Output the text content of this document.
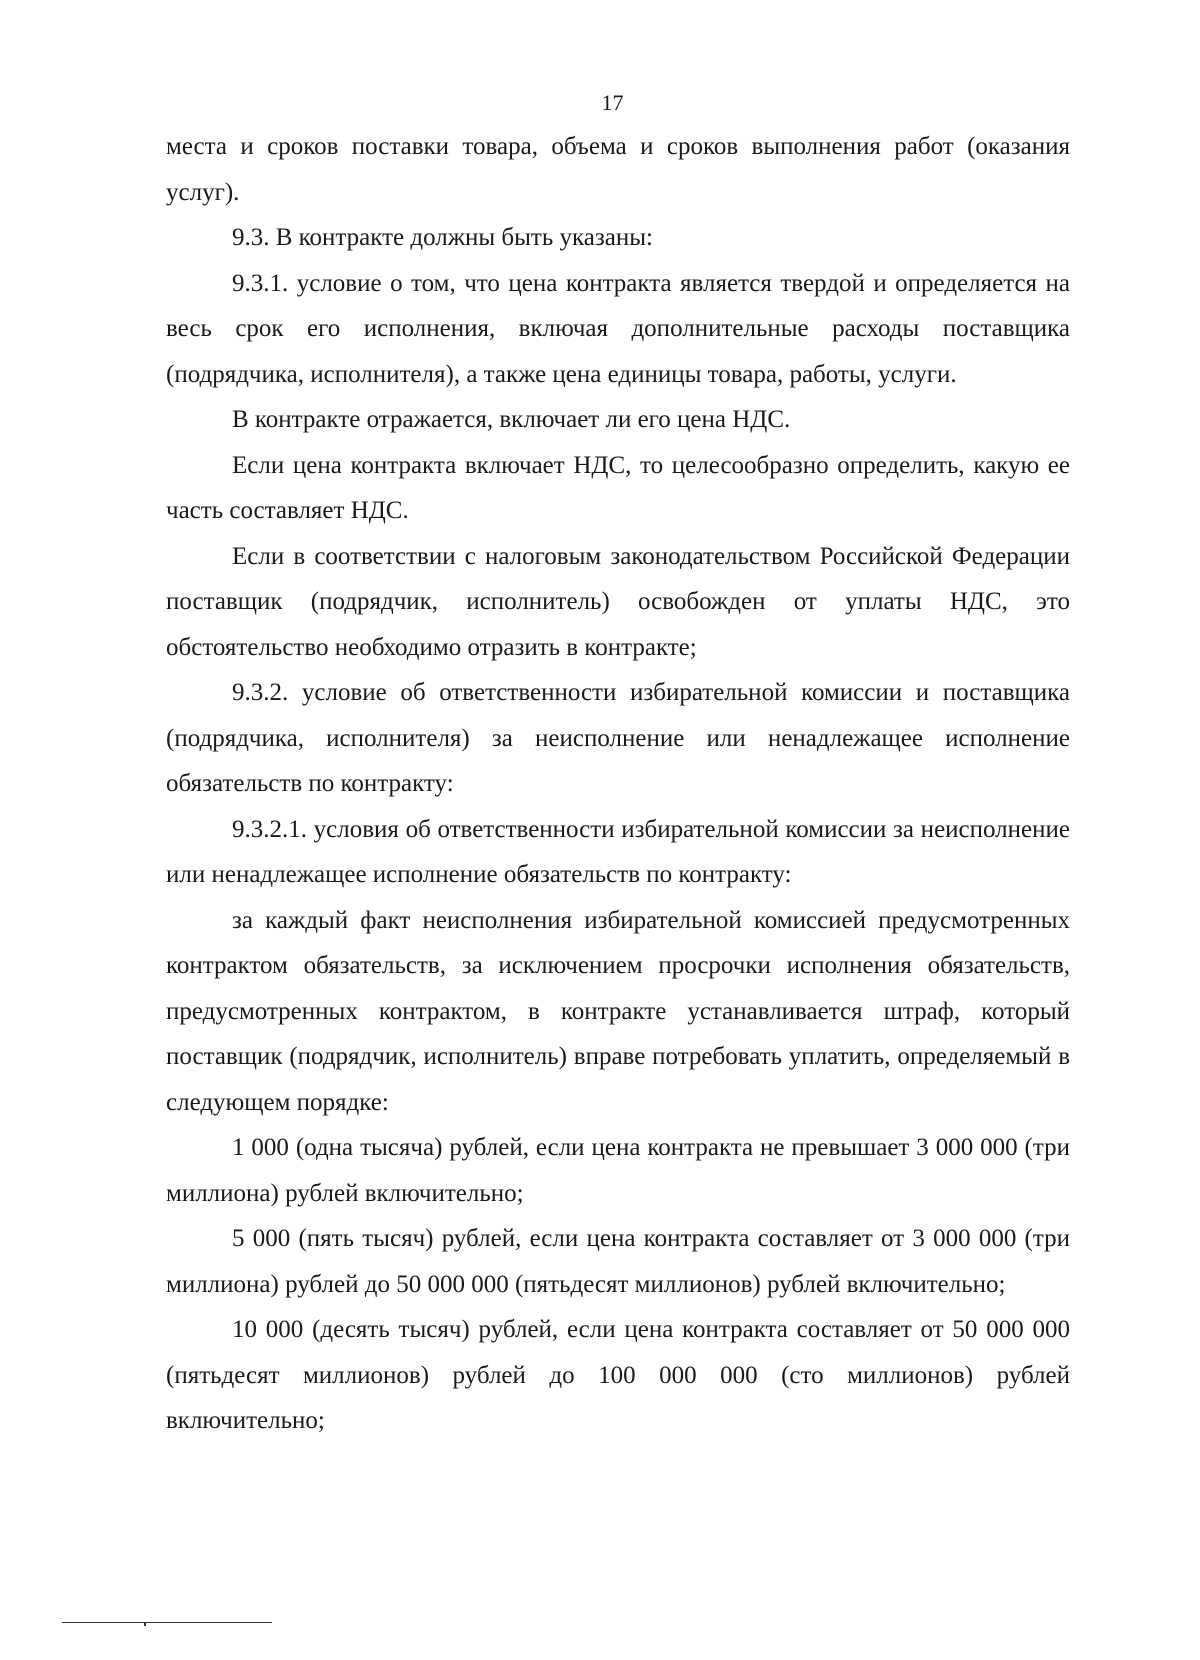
17

места и сроков поставки товара, объема и сроков выполнения работ (оказания услуг).

9.3. В контракте должны быть указаны:

9.3.1. условие о том, что цена контракта является твердой и определяется на весь срок его исполнения, включая дополнительные расходы поставщика (подрядчика, исполнителя), а также цена единицы товара, работы, услуги.

В контракте отражается, включает ли его цена НДС.

Если цена контракта включает НДС, то целесообразно определить, какую ее часть составляет НДС.

Если в соответствии с налоговым законодательством Российской Федерации поставщик (подрядчик, исполнитель) освобожден от уплаты НДС, это обстоятельство необходимо отразить в контракте;

9.3.2. условие об ответственности избирательной комиссии и поставщика (подрядчика, исполнителя) за неисполнение или ненадлежащее исполнение обязательств по контракту:

9.3.2.1. условия об ответственности избирательной комиссии за неисполнение или ненадлежащее исполнение обязательств по контракту:

за каждый факт неисполнения избирательной комиссией предусмотренных контрактом обязательств, за исключением просрочки исполнения обязательств, предусмотренных контрактом, в контракте устанавливается штраф, который поставщик (подрядчик, исполнитель) вправе потребовать уплатить, определяемый в следующем порядке:

1 000 (одна тысяча) рублей, если цена контракта не превышает 3 000 000 (три миллиона) рублей включительно;

5 000 (пять тысяч) рублей, если цена контракта составляет от 3 000 000 (три миллиона) рублей до 50 000 000 (пятьдесят миллионов) рублей включительно;

10 000 (десять тысяч) рублей, если цена контракта составляет от 50 000 000 (пятьдесят миллионов) рублей до 100 000 000 (сто миллионов) рублей включительно;
